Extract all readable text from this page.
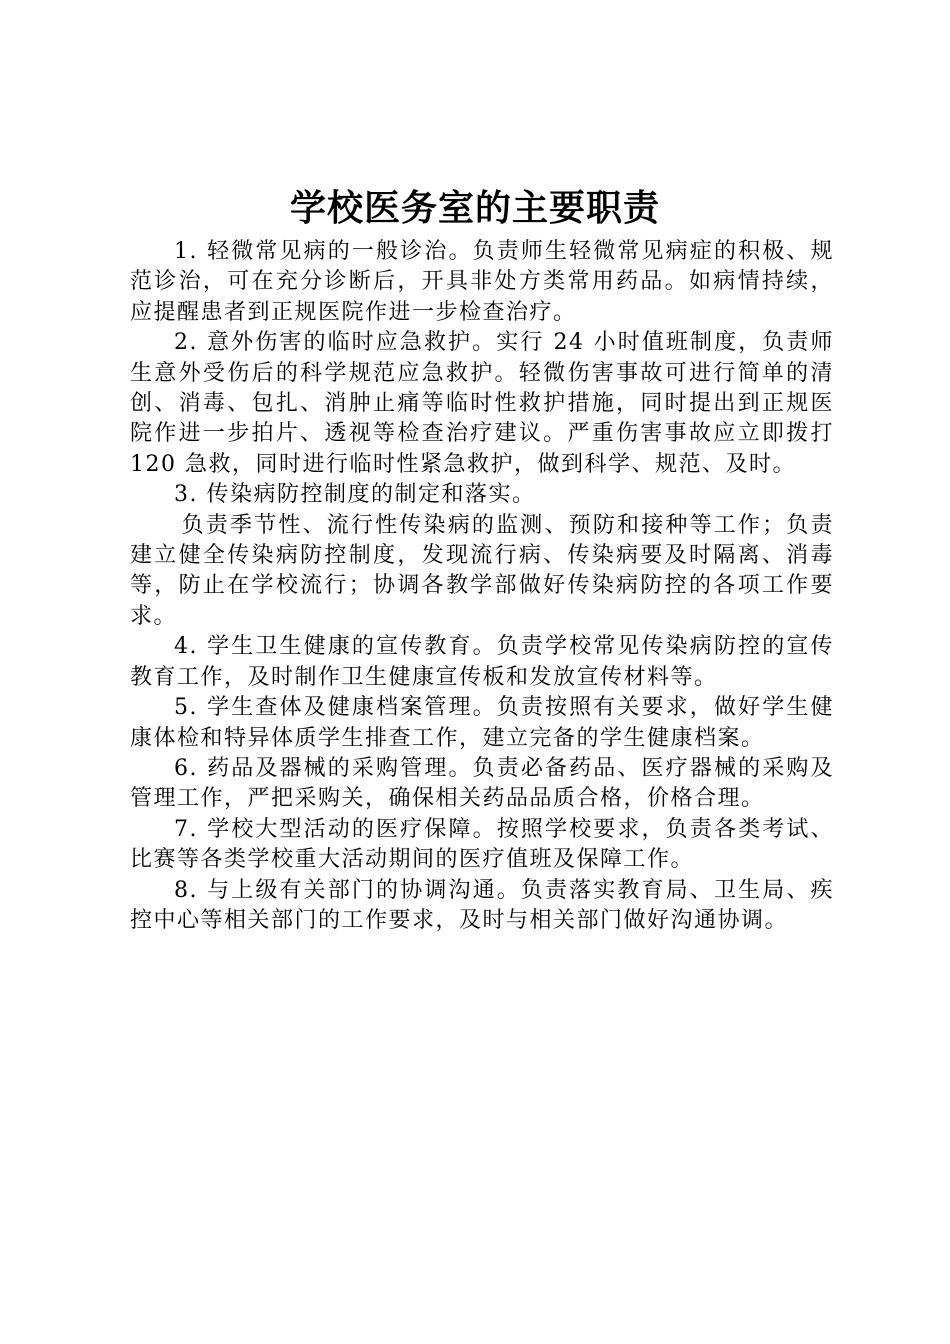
学校医务室的主要职责

1. 轻微常见病的一般诊治。负责师生轻微常见病症的积极、规范诊治，可在充分诊断后，开具非处方类常用药品。如病情持续，应提醒患者到正规医院作进一步检查治疗。

2. 意外伤害的临时应急救护。实行 24 小时值班制度，负责师生意外受伤后的科学规范应急救护。轻微伤害事故可进行简单的清创、消毒、包扎、消肿止痛等临时性救护措施，同时提出到正规医院作进一步拍片、透视等检查治疗建议。严重伤害事故应立即拨打 120 急救，同时进行临时性紧急救护，做到科学、规范、及时。

3. 传染病防控制度的制定和落实。

负责季节性、流行性传染病的监测、预防和接种等工作；负责建立健全传染病防控制度，发现流行病、传染病要及时隔离、消毒等，防止在学校流行；协调各教学部做好传染病防控的各项工作要求。

4. 学生卫生健康的宣传教育。负责学校常见传染病防控的宣传教育工作，及时制作卫生健康宣传板和发放宣传材料等。

5. 学生查体及健康档案管理。负责按照有关要求，做好学生健康体检和特异体质学生排查工作，建立完备的学生健康档案。

6. 药品及器械的采购管理。负责必备药品、医疗器械的采购及管理工作，严把采购关，确保相关药品品质合格，价格合理。

7. 学校大型活动的医疗保障。按照学校要求，负责各类考试、比赛等各类学校重大活动期间的医疗值班及保障工作。

8. 与上级有关部门的协调沟通。负责落实教育局、卫生局、疾控中心等相关部门的工作要求，及时与相关部门做好沟通协调。
